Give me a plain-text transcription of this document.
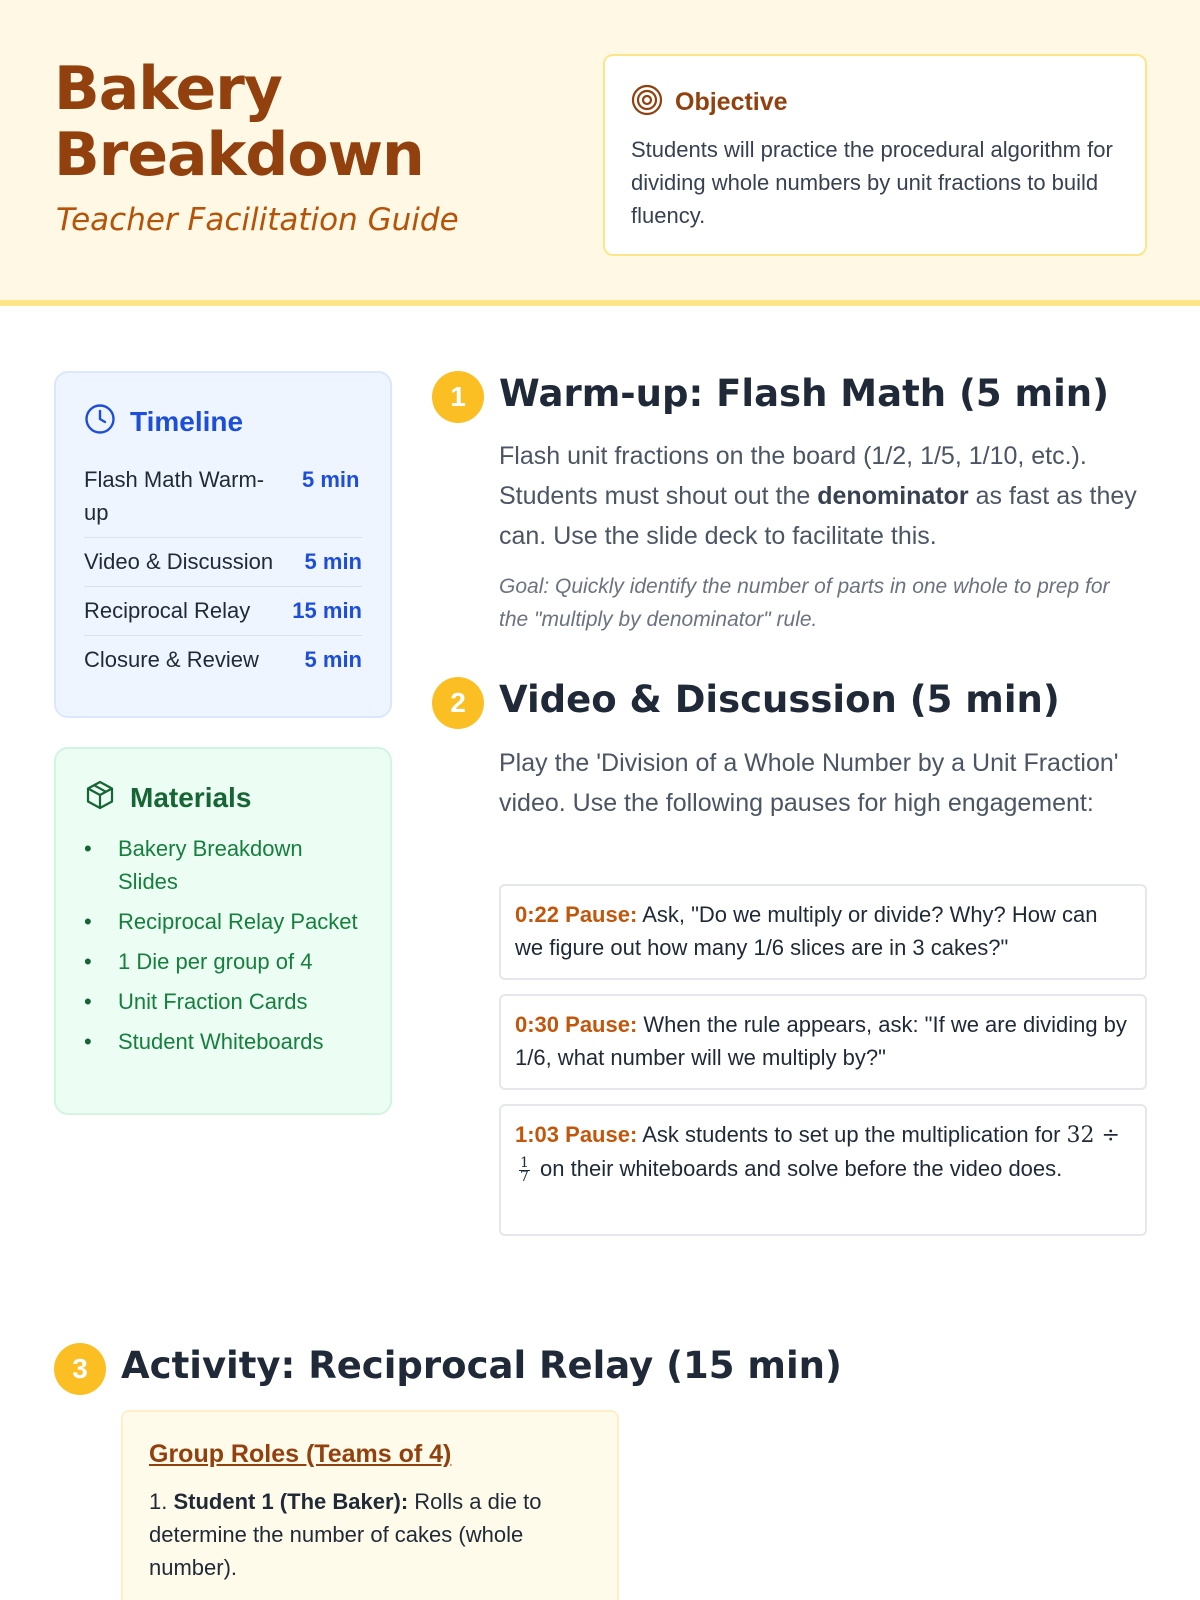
Bakery Breakdown
Teacher Facilitation Guide
Objective
Students will practice the procedural algorithm for dividing whole numbers by unit fractions to build fluency.
Timeline
Flash Math Warm-up
5 min
Video & Discussion 5 min
Reciprocal Relay 15 min
Closure & Review 5 min
Materials
• Bakery Breakdown Slides
• Reciprocal Relay Packet
• 1 Die per group of 4
• Unit Fraction Cards
• Student Whiteboards
1 Warm-up: Flash Math (5 min)
Flash unit fractions on the board (1/2, 1/5, 1/10, etc.). Students must shout out the denominator as fast as they can. Use the slide deck to facilitate this.
Goal: Quickly identify the number of parts in one whole to prep for the "multiply by denominator" rule.
2 Video & Discussion (5 min)
Play the 'Division of a Whole Number by a Unit Fraction' video. Use the following pauses for high engagement:
0:22 Pause: Ask, "Do we multiply or divide? Why? How can we figure out how many 1/6 slices are in 3 cakes?"
0:30 Pause: When the rule appears, ask: "If we are dividing by 1/6, what number will we multiply by?"
1:03 Pause: Ask students to set up the multiplication for 32 ÷
$\frac{1}{7}$ on their whiteboards and solve before the video does.
3 Activity: Reciprocal Relay (15 min)
Group Roles (Teams of 4)
1. Student 1 (The Baker): Rolls a die to determine the number of cakes (whole number).
